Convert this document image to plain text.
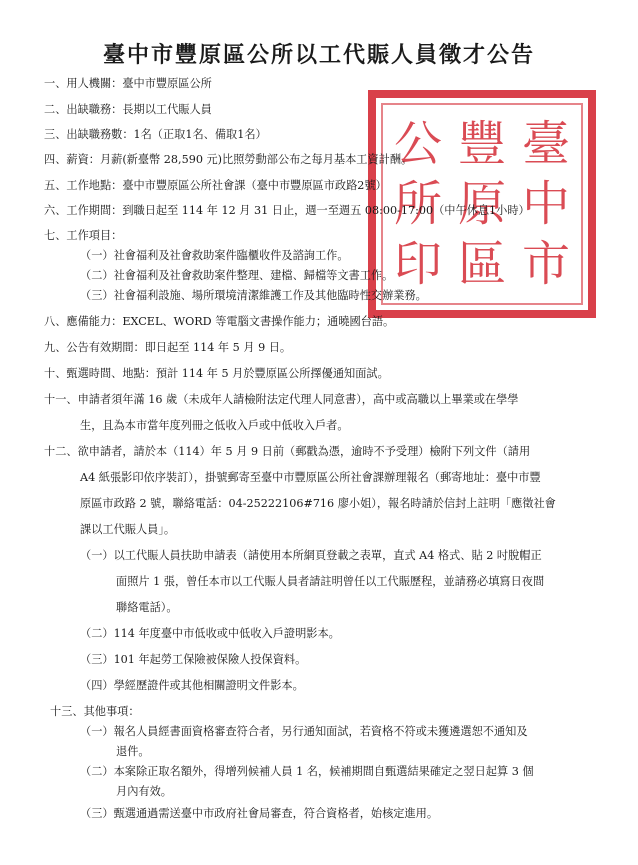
臺中市豐原區公所以工代賑人員徵才公告
臺
中
市
豐
原
區
公
所
印
一、用人機關：臺中市豐原區公所
二、出缺職務：長期以工代賑人員
三、出缺職務數：1名（正取1名、備取1名）
四、薪資：月薪(新臺幣 28,590 元)比照勞動部公布之每月基本工資計酬。
五、工作地點：臺中市豐原區公所社會課（臺中市豐原區市政路2號）
六、工作期間：到職日起至 114 年 12 月 31 日止，週一至週五 08:00-17:00（中午休息1小時）
七、工作項目：
（一）社會福利及社會救助案件臨櫃收件及諮詢工作。
（二）社會福利及社會救助案件整理、建檔、歸檔等文書工作。
（三）社會福利設施、場所環境清潔維護工作及其他臨時性交辦業務。
八、應備能力：EXCEL、WORD 等電腦文書操作能力；通曉國台語。
九、公告有效期間：即日起至 114 年 5 月 9 日。
十、甄選時間、地點：預計 114 年 5 月於豐原區公所擇優通知面試。
十一、申請者須年滿 16 歲（未成年人請檢附法定代理人同意書），高中或高職以上畢業或在學學
生，且為本市當年度列冊之低收入戶或中低收入戶者。
十二、欲申請者，請於本（114）年 5 月 9 日前（郵戳為憑，逾時不予受理）檢附下列文件（請用
A4 紙張影印依序裝訂），掛號郵寄至臺中市豐原區公所社會課辦理報名（郵寄地址：臺中市豐
原區市政路 2 號，聯絡電話：04-25222106#716 廖小姐），報名時請於信封上註明「應徵社會
課以工代賑人員」。
（一）以工代賑人員扶助申請表（請使用本所網頁登載之表單，直式 A4 格式、貼 2 吋脫帽正
面照片 1 張，曾任本市以工代賑人員者請註明曾任以工代賑歷程，並請務必填寫日夜間
聯絡電話）。
（二）114 年度臺中市低收或中低收入戶證明影本。
（三）101 年起勞工保險被保險人投保資料。
（四）學經歷證件或其他相關證明文件影本。
十三、其他事項：
（一）報名人員經書面資格審查符合者，另行通知面試，若資格不符或未獲遴選恕不通知及
退件。
（二）本案除正取名額外，得增列候補人員 1 名，候補期間自甄選結果確定之翌日起算 3 個
月內有效。
（三）甄選通過需送臺中市政府社會局審查，符合資格者，始核定進用。
